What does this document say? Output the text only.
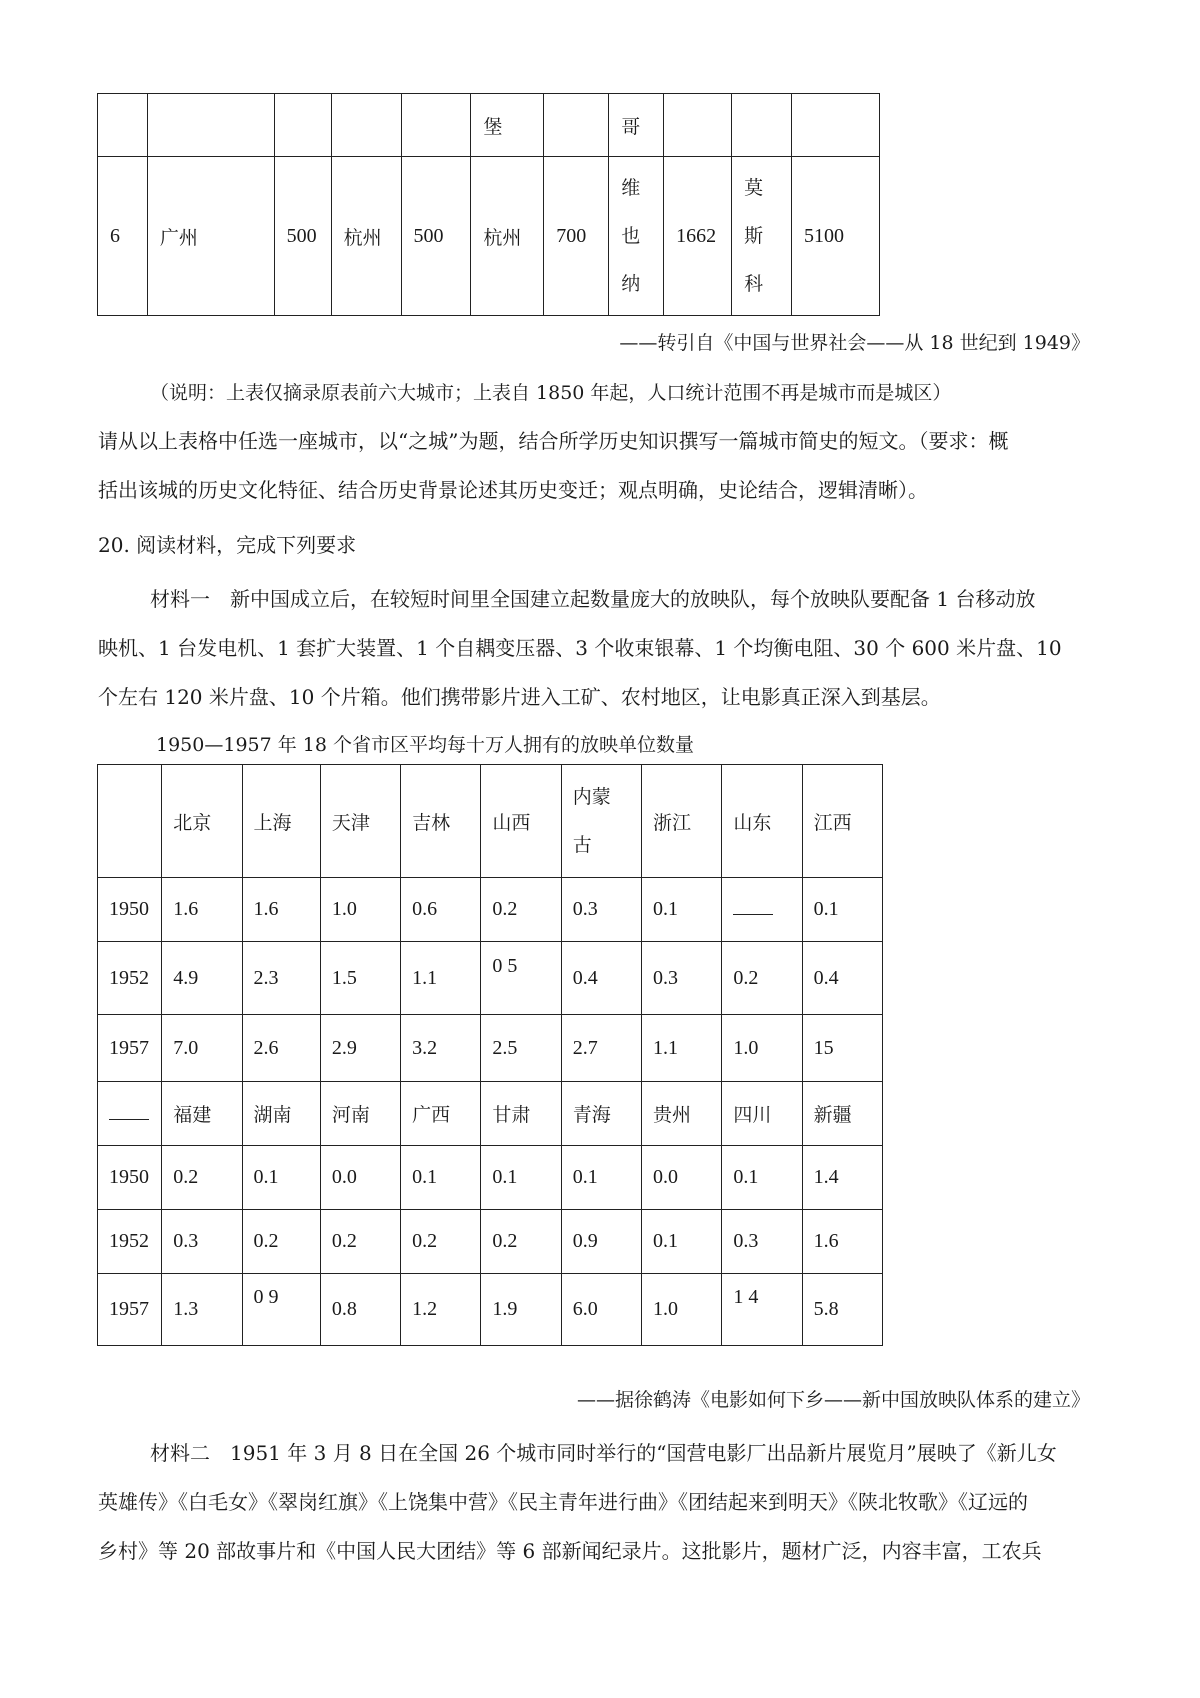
					堡		哥			
6	广州	500	杭州	500	杭州	700	维也纳	1662	莫斯科	5100
——转引自《中国与世界社会——从 18 世纪到 1949》
（说明：上表仅摘录原表前六大城市；上表自 1850 年起，人口统计范围不再是城市而是城区）
请从以上表格中任选一座城市，以“之城”为题，结合所学历史知识撰写一篇城市简史的短文。（要求：概
括出该城的历史文化特征、结合历史背景论述其历史变迁；观点明确，史论结合，逻辑清晰）。
20. 阅读材料，完成下列要求
材料一　新中国成立后，在较短时间里全国建立起数量庞大的放映队，每个放映队要配备 1 台移动放
映机、1 台发电机、1 套扩大装置、1 个自耦变压器、3 个收束银幕、1 个均衡电阻、30 个 600 米片盘、10
个左右 120 米片盘、10 个片箱。他们携带影片进入工矿、农村地区，让电影真正深入到基层。
1950—1957 年 18 个省市区平均每十万人拥有的放映单位数量
	北京	上海	天津	吉林	山西	内蒙古	浙江	山东	江西
1950	1.6	1.6	1.0	0.6	0.2	0.3	0.1		0.1
1952	4.9	2.3	1.5	1.1	0 5	0.4	0.3	0.2	0.4
1957	7.0	2.6	2.9	3.2	2.5	2.7	1.1	1.0	15
	福建	湖南	河南	广西	甘肃	青海	贵州	四川	新疆
1950	0.2	0.1	0.0	0.1	0.1	0.1	0.0	0.1	1.4
1952	0.3	0.2	0.2	0.2	0.2	0.9	0.1	0.3	1.6
1957	1.3	0 9	0.8	1.2	1.9	6.0	1.0	1 4	5.8
——据徐鹤涛《电影如何下乡——新中国放映队体系的建立》
材料二　1951 年 3 月 8 日在全国 26 个城市同时举行的“国营电影厂出品新片展览月”展映了《新儿女
英雄传》《白毛女》《翠岗红旗》《上饶集中营》《民主青年进行曲》《团结起来到明天》《陕北牧歌》《辽远的
乡村》等 20 部故事片和《中国人民大团结》等 6 部新闻纪录片。这批影片，题材广泛，内容丰富，工农兵
